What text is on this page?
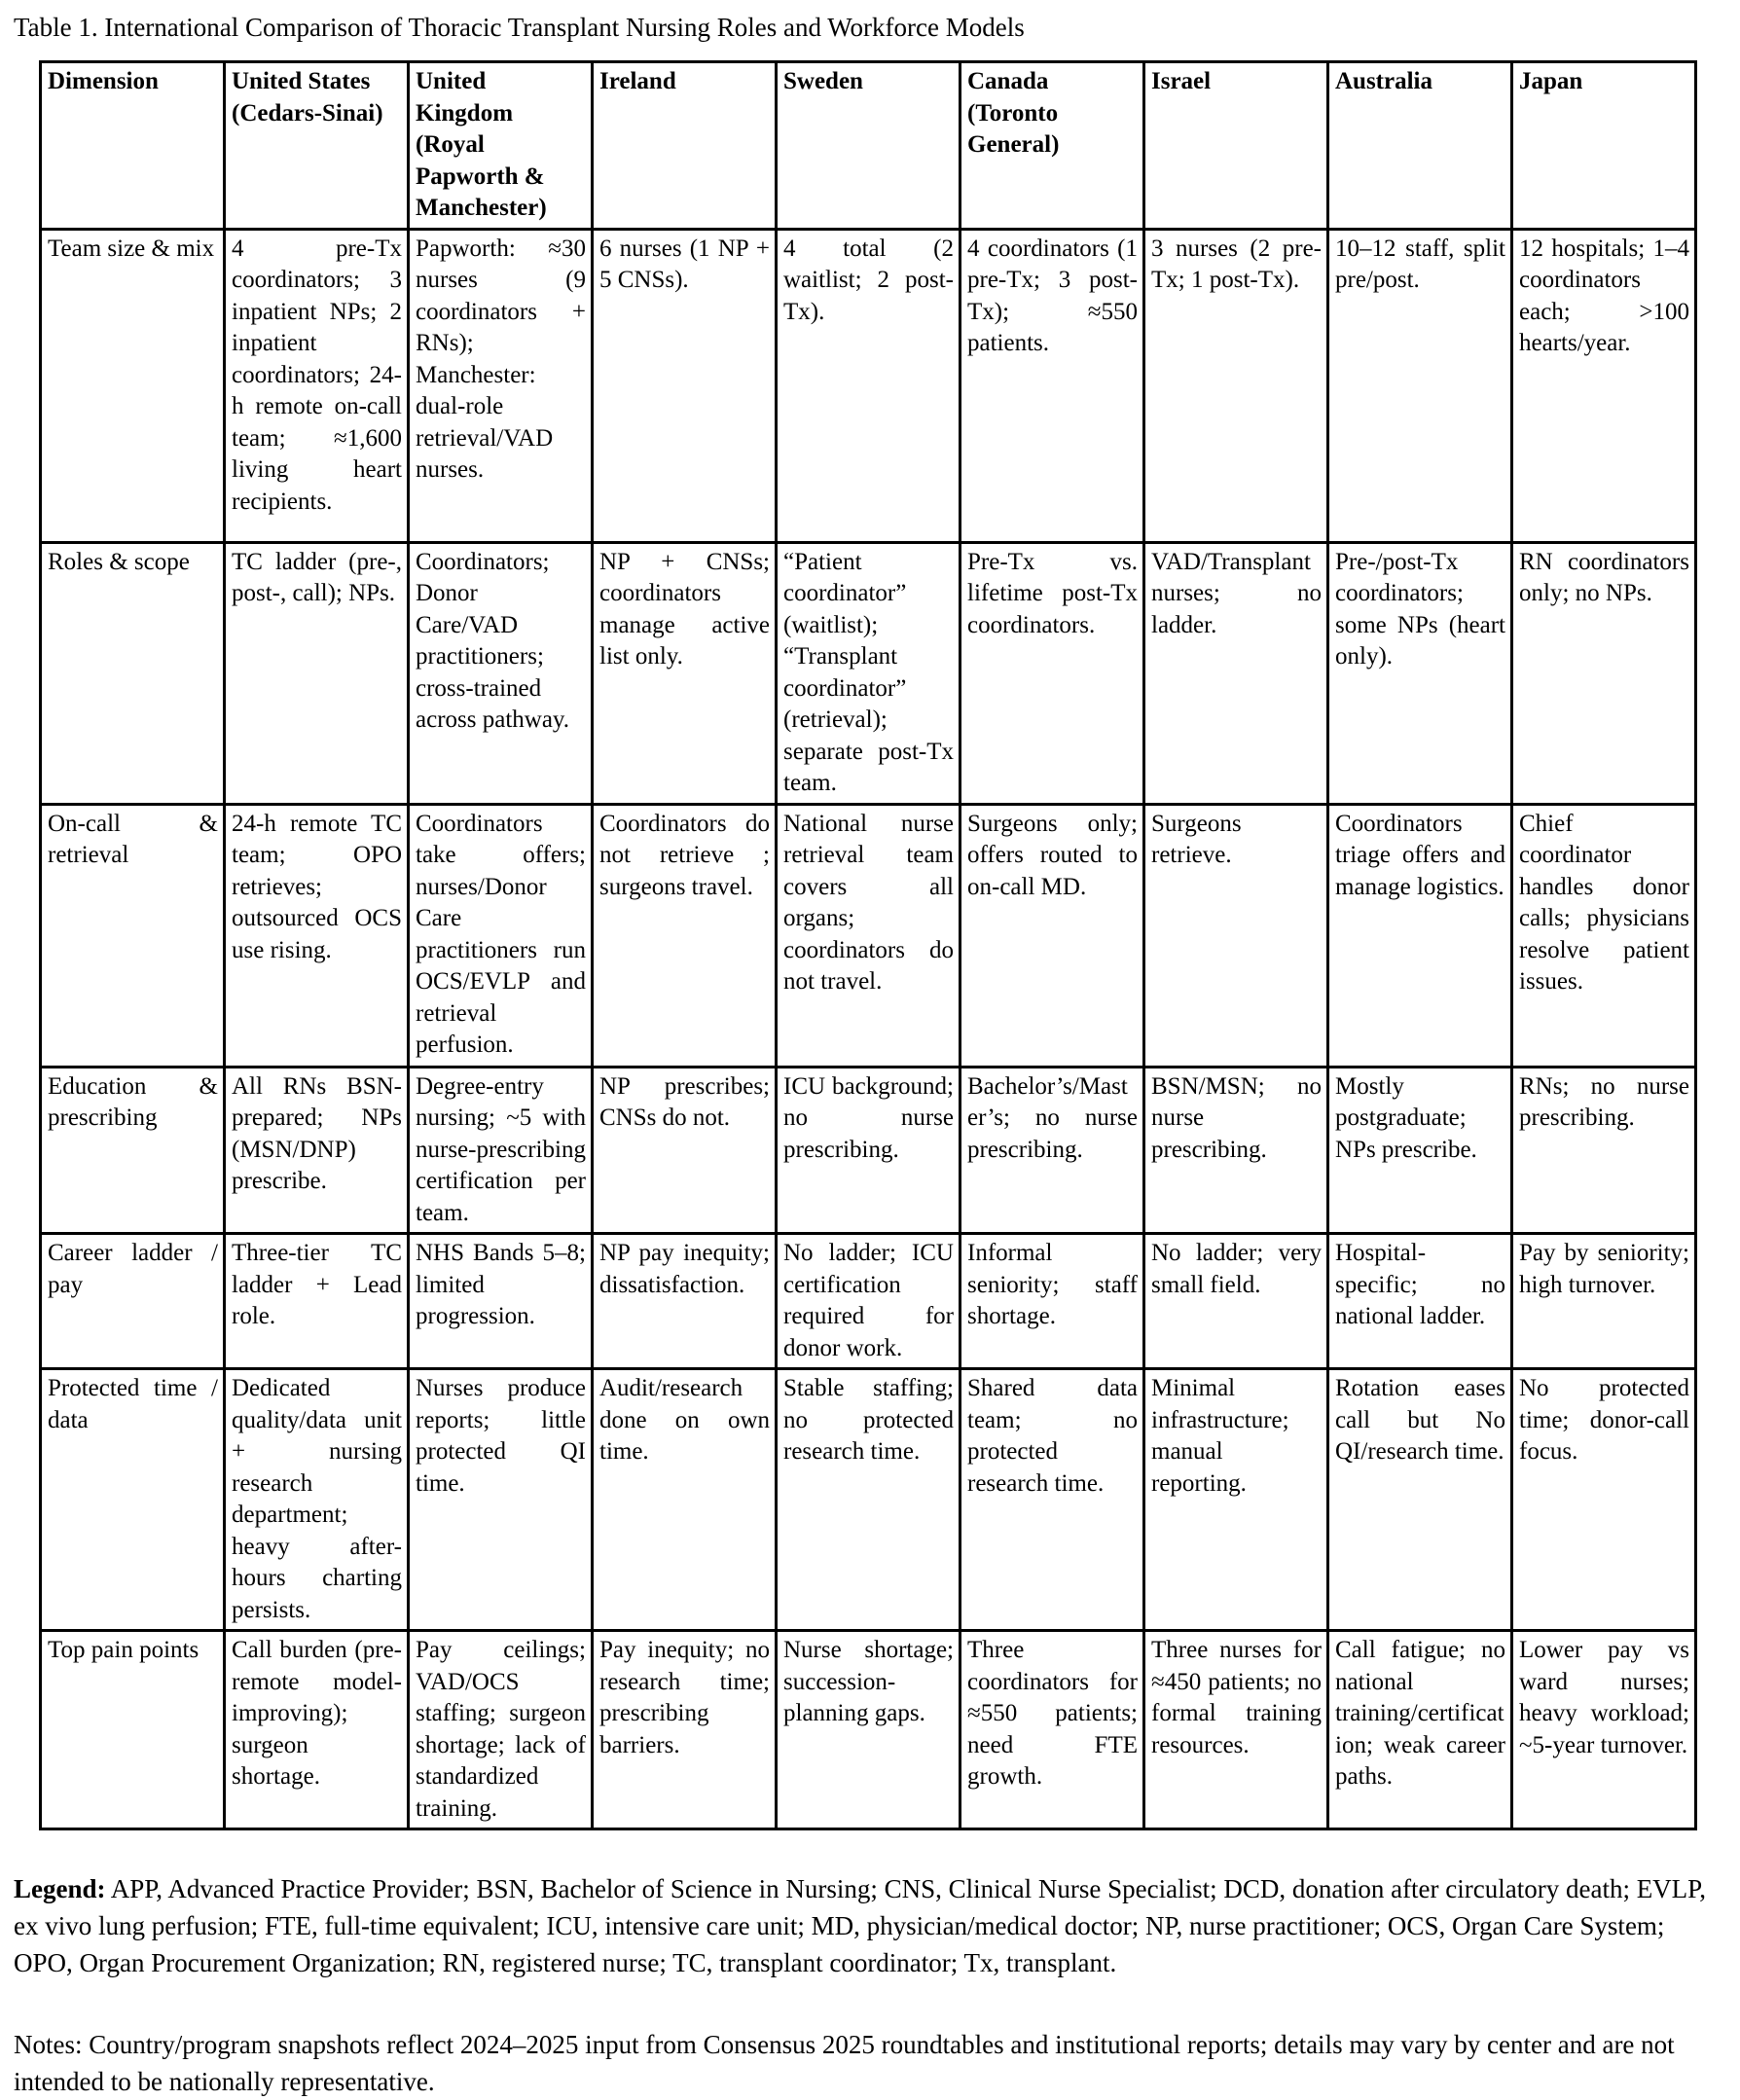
Table 1. International Comparison of Thoracic Transplant Nursing Roles and Workforce Models
Dimension	United States (Cedars-Sinai)	United Kingdom (Royal Papworth & Manchester)	Ireland	Sweden	Canada (Toronto General)	Israel	Australia	Japan
Team size & mix	4 pre-Tx coordinators; 3 inpatient NPs; 2 inpatient coordinators; 24-h remote on-call team; ≈1,600 living heart recipients.	Papworth: ≈30 nurses (9 coordinators + RNs); Manchester: dual-role retrieval/VAD nurses.	6 nurses (1 NP + 5 CNSs).	4 total (2 waitlist; 2 post-Tx).	4 coordinators (1 pre-Tx; 3 post-Tx); ≈550 patients.	3 nurses (2 pre-Tx; 1 post-Tx).	10–12 staff, split pre/post.	12 hospitals; 1–4 coordinators each; >100 hearts/year.
Roles & scope	TC ladder (pre-, post-, call); NPs.	Coordinators; Donor Care/VAD practitioners; cross-trained across pathway.	NP + CNSs; coordinators manage active list only.	“Patient coordinator” (waitlist); “Transplant coordinator” (retrieval); separate post-Tx team.	Pre-Tx vs. lifetime post-Tx coordinators.	VAD/Transplant nurses; no ladder.	Pre-/post-Tx coordinators; some NPs (heart only).	RN coordinators only; no NPs.
On-call & retrieval	24-h remote TC team; OPO retrieves; outsourced OCS use rising.	Coordinators take offers; nurses/Donor Care practitioners run OCS/EVLP and retrieval perfusion.	Coordinators do not retrieve ; surgeons travel.	National nurse retrieval team covers all organs; coordinators do not travel.	Surgeons only; offers routed to on-call MD.	Surgeons retrieve.	Coordinators triage offers and manage logistics.	Chief coordinator handles donor calls; physicians resolve patient issues.
Education & prescribing	All RNs BSN-prepared; NPs (MSN/DNP) prescribe.	Degree-entry nursing; ~5 with nurse-prescribing certification per team.	NP prescribes; CNSs do not.	ICU background; no nurse prescribing.	Bachelor’s/Master’s; no nurse prescribing.	BSN/MSN; no nurse prescribing.	Mostly postgraduate; NPs prescribe.	RNs; no nurse prescribing.
Career ladder / pay	Three-tier TC ladder + Lead role.	NHS Bands 5–8; limited progression.	NP pay inequity; dissatisfaction.	No ladder; ICU certification required for donor work.	Informal seniority; staff shortage.	No ladder; very small field.	Hospital-specific; no national ladder.	Pay by seniority; high turnover.
Protected time / data	Dedicated quality/data unit + nursing research department; heavy after-hours charting persists.	Nurses produce reports; little protected QI time.	Audit/research done on own time.	Stable staffing; no protected research time.	Shared data team; no protected research time.	Minimal infrastructure; manual reporting.	Rotation eases call but No QI/research time.	No protected time; donor-call focus.
Top pain points	Call burden (pre-remote model-improving); surgeon shortage.	Pay ceilings; VAD/OCS staffing; surgeon shortage; lack of standardized training.	Pay inequity; no research time; prescribing barriers.	Nurse shortage; succession-planning gaps.	Three coordinators for ≈550 patients; need FTE growth.	Three nurses for ≈450 patients; no formal training resources.	Call fatigue; no national training/certification; weak career paths.	Lower pay vs ward nurses; heavy workload; ~5-year turnover.

Legend: APP, Advanced Practice Provider; BSN, Bachelor of Science in Nursing; CNS, Clinical Nurse Specialist; DCD, donation after circulatory death; EVLP, ex vivo lung perfusion; FTE, full-time equivalent; ICU, intensive care unit; MD, physician/medical doctor; NP, nurse practitioner; OCS, Organ Care System; OPO, Organ Procurement Organization; RN, registered nurse; TC, transplant coordinator; Tx, transplant.

Notes: Country/program snapshots reflect 2024–2025 input from Consensus 2025 roundtables and institutional reports; details may vary by center and are not intended to be nationally representative.
